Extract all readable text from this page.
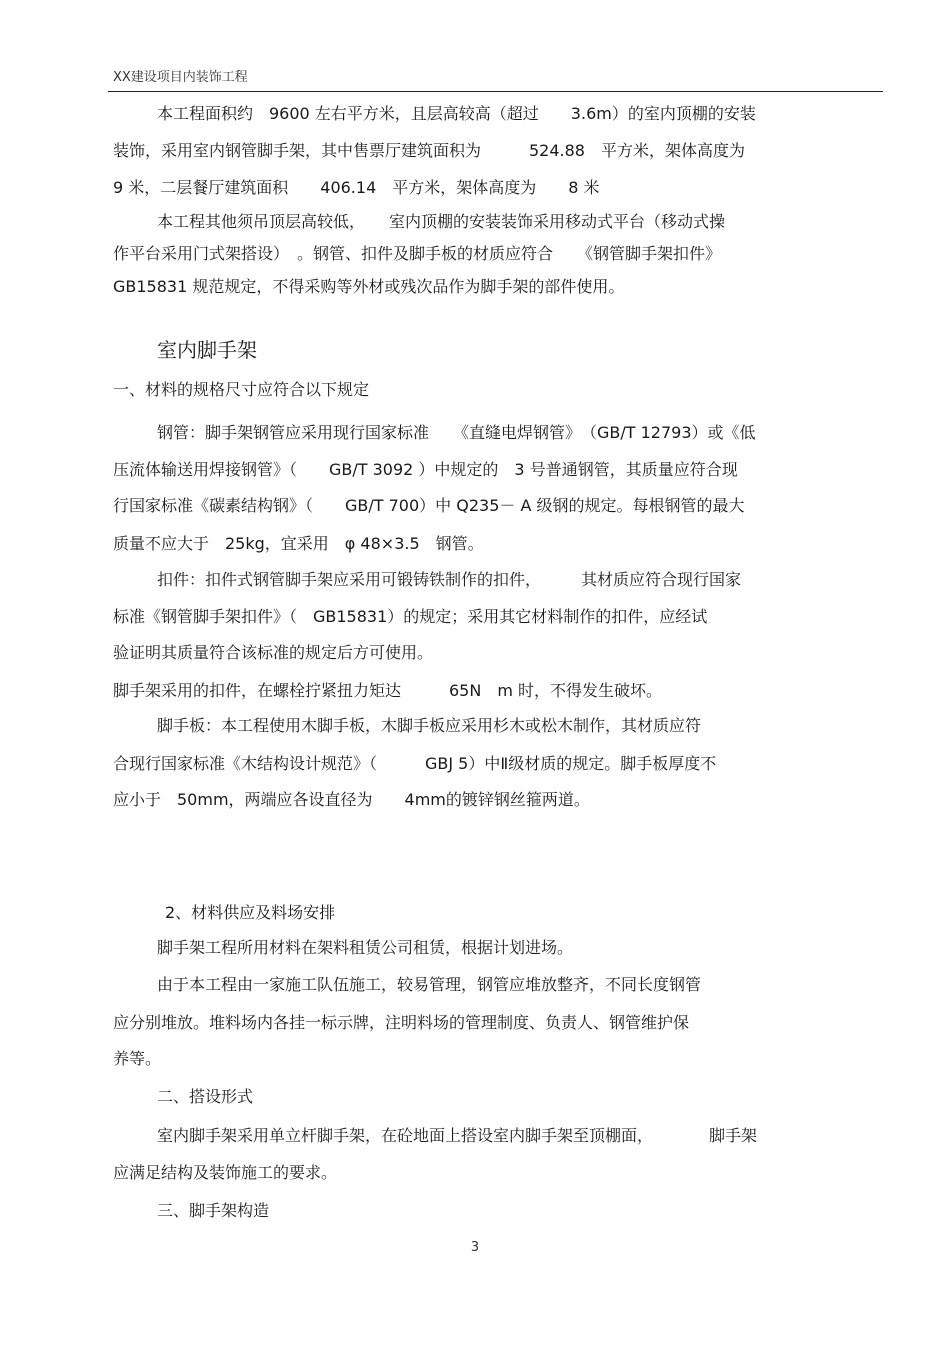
XX建设项目内装饰工程
本工程面积约　9600 左右平方米，且层高较高（超过　　3.6m）的室内顶棚的安装
装饰，采用室内钢管脚手架，其中售票厅建筑面积为　　　524.88　平方米，架体高度为
9 米，二层餐厅建筑面积　　406.14　平方米，架体高度为　　8 米
本工程其他须吊顶层高较低，　　室内顶棚的安装装饰采用移动式平台（移动式操
作平台采用门式架搭设）　。钢管、扣件及脚手板的材质应符合　　《钢管脚手架扣件》
GB15831 规范规定，不得采购等外材或残次品作为脚手架的部件使用。
室内脚手架
一、材料的规格尺寸应符合以下规定
钢管：脚手架钢管应采用现行国家标准　　《直缝电焊钢管》　（GB/T 12793）或《低
压流体输送用焊接钢管》（　　GB/T 3092 ）中规定的　3 号普通钢管，其质量应符合现
行国家标准《碳素结构钢》（　　GB/T 700）中 Q235－ A 级钢的规定。每根钢管的最大
质量不应大于　25kg，宜采用　φ 48×3.5　钢管。
扣件：扣件式钢管脚手架应采用可锻铸铁制作的扣件，　　　其材质应符合现行国家
标准《钢管脚手架扣件》（　GB15831）的规定；采用其它材料制作的扣件，应经试
验证明其质量符合该标准的规定后方可使用。
脚手架采用的扣件，在螺栓拧紧扭力矩达　　　65N　m 时，不得发生破坏。
脚手板：本工程使用木脚手板，木脚手板应采用杉木或松木制作，其材质应符
合现行国家标准《木结构设计规范》（　　　GBJ 5）中Ⅱ级材质的规定。脚手板厚度不
应小于　50mm，两端应各设直径为　　4mm的镀锌钢丝箍两道。
2、材料供应及料场安排
脚手架工程所用材料在架料租赁公司租赁，根据计划进场。
由于本工程由一家施工队伍施工，较易管理，钢管应堆放整齐，不同长度钢管
应分别堆放。堆料场内各挂一标示牌，注明料场的管理制度、负责人、钢管维护保
养等。
二、搭设形式
室内脚手架采用单立杆脚手架，在砼地面上搭设室内脚手架至顶棚面，　　　　脚手架
应满足结构及装饰施工的要求。
三、脚手架构造
3
